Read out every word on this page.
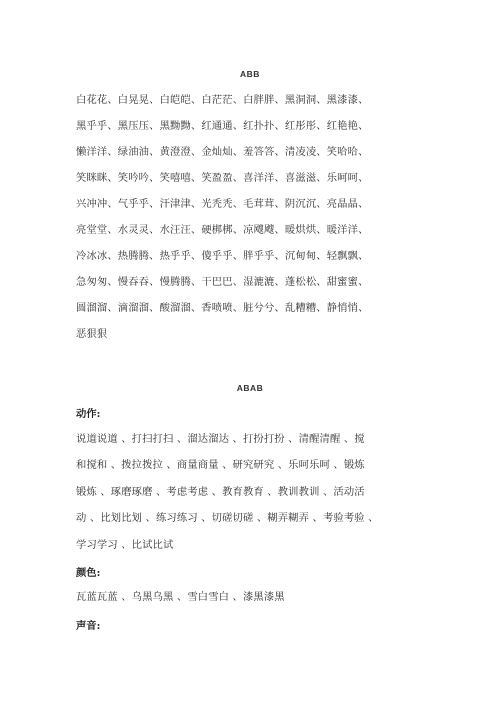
ABB
白花花、白晃晃、白皑皑、白茫茫、白胖胖、黑洞洞、黑漆漆、
黑乎乎、黑压压、黑黝黝、红通通、红扑扑、红彤彤、红艳艳、
懒洋洋、绿油油、黄澄澄、金灿灿、羞答答、清凌凌、笑哈哈、
笑眯眯、笑吟吟、笑嘻嘻、笑盈盈、喜洋洋、喜滋滋、乐呵呵、
兴冲冲、气乎乎、汗津津、光秃秃、毛茸茸、阴沉沉、亮晶晶、
亮堂堂、水灵灵、水汪汪、硬梆梆、凉飕飕、暖烘烘、暖洋洋、
冷冰冰、热腾腾、热乎乎、傻乎乎、胖乎乎、沉甸甸、轻飘飘、
急匆匆、慢吞吞、慢腾腾、干巴巴、湿漉漉、蓬松松、甜蜜蜜、
圆溜溜、滴溜溜、酸溜溜、香喷喷、脏兮兮、乱糟糟、静悄悄、
恶狠狠
ABAB
动作:
说道说道 、打扫打扫 、溜达溜达 、打扮打扮 、清醒清醒 、搅
和搅和 、拨拉拨拉 、商量商量 、研究研究 、乐呵乐呵 、锻炼
锻炼 、琢磨琢磨 、考虑考虑 、教育教育 、教训教训 、活动活
动 、比划比划 、练习练习 、切磋切磋 、糊弄糊弄 、考验考验 、
学习学习 、比试比试
颜色:
瓦蓝瓦蓝 、乌黑乌黑 、雪白雪白 、漆黑漆黑
声音:
